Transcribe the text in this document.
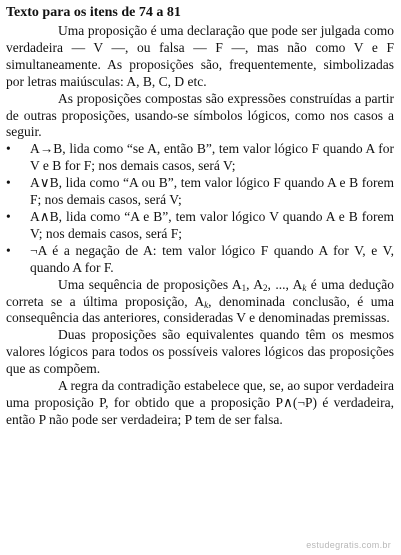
Texto para os itens de 74 a 81

Uma proposição é uma declaração que pode ser julgada como verdadeira — V —, ou falsa — F —, mas não como V e F simultaneamente. As proposições são, frequentemente, simbolizadas por letras maiúsculas: A, B, C, D etc.

As proposições compostas são expressões construídas a partir de outras proposições, usando-se símbolos lógicos, como nos casos a seguir.

•	A→B, lida como “se A, então B”, tem valor lógico F quando A for V e B for F; nos demais casos, será V;
•	A∨B, lida como “A ou B”, tem valor lógico F quando A e B forem F; nos demais casos, será V;
•	A∧B, lida como “A e B”, tem valor lógico V quando A e B forem V; nos demais casos, será F;
•	¬A é a negação de A: tem valor lógico F quando A for V, e V, quando A for F.

Uma sequência de proposições $A_1$, $A_2$, ..., $A_k$ é uma dedução correta se a última proposição, $A_k$, denominada conclusão, é uma consequência das anteriores, consideradas V e denominadas premissas.

Duas proposições são equivalentes quando têm os mesmos valores lógicos para todos os possíveis valores lógicos das proposições que as compõem.

A regra da contradição estabelece que, se, ao supor verdadeira uma proposição P, for obtido que a proposição P∧(¬P) é verdadeira, então P não pode ser verdadeira; P tem de ser falsa.

estudegratis.com.br
